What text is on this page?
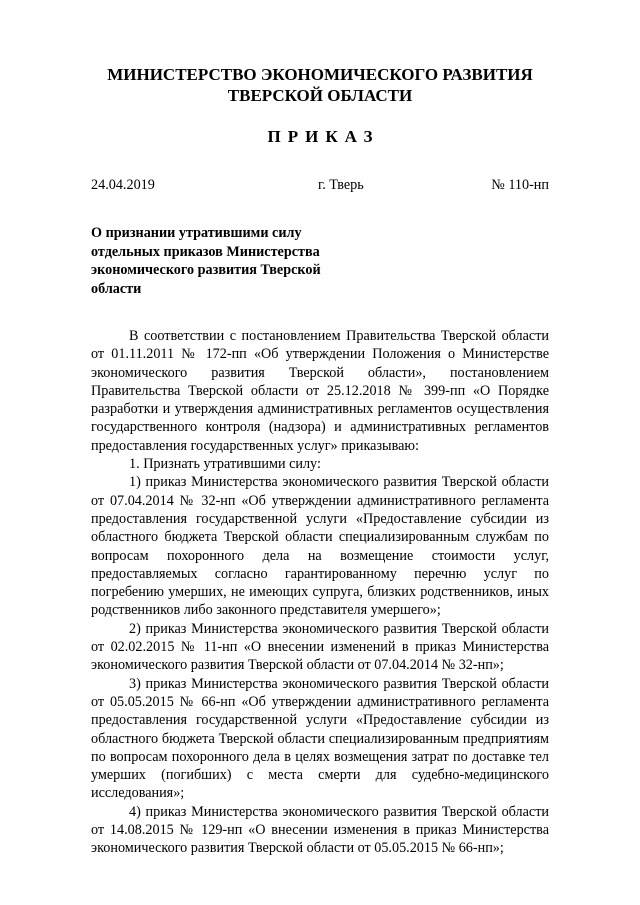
МИНИСТЕРСТВО ЭКОНОМИЧЕСКОГО РАЗВИТИЯ
ТВЕРСКОЙ ОБЛАСТИ
ПРИКАЗ
24.04.2019	г. Тверь	№ 110-нп
О признании утратившими силу
отдельных приказов Министерства
экономического развития Тверской
области

В соответствии с постановлением Правительства Тверской области от 01.11.2011 № 172-пп «Об утверждении Положения о Министерстве экономического развития Тверской области», постановлением Правительства Тверской области от 25.12.2018 № 399-пп «О Порядке разработки и утверждения административных регламентов осуществления государственного контроля (надзора) и административных регламентов предоставления государственных услуг» приказываю:

1. Признать утратившими силу:

1) приказ Министерства экономического развития Тверской области от 07.04.2014 № 32-нп «Об утверждении административного регламента предоставления государственной услуги «Предоставление субсидии из областного бюджета Тверской области специализированным службам по вопросам похоронного дела на возмещение стоимости услуг, предоставляемых согласно гарантированному перечню услуг по погребению умерших, не имеющих супруга, близких родственников, иных родственников либо законного представителя умершего»;

2) приказ Министерства экономического развития Тверской области от 02.02.2015 № 11-нп «О внесении изменений в приказ Министерства экономического развития Тверской области от 07.04.2014 № 32-нп»;

3) приказ Министерства экономического развития Тверской области от 05.05.2015 № 66-нп «Об утверждении административного регламента предоставления государственной услуги «Предоставление субсидии из областного бюджета Тверской области специализированным предприятиям по вопросам похоронного дела в целях возмещения затрат по доставке тел умерших (погибших) с места смерти для судебно-медицинского исследования»;

4) приказ Министерства экономического развития Тверской области от 14.08.2015 № 129-нп «О внесении изменения в приказ Министерства экономического развития Тверской области от 05.05.2015 № 66-нп»;
